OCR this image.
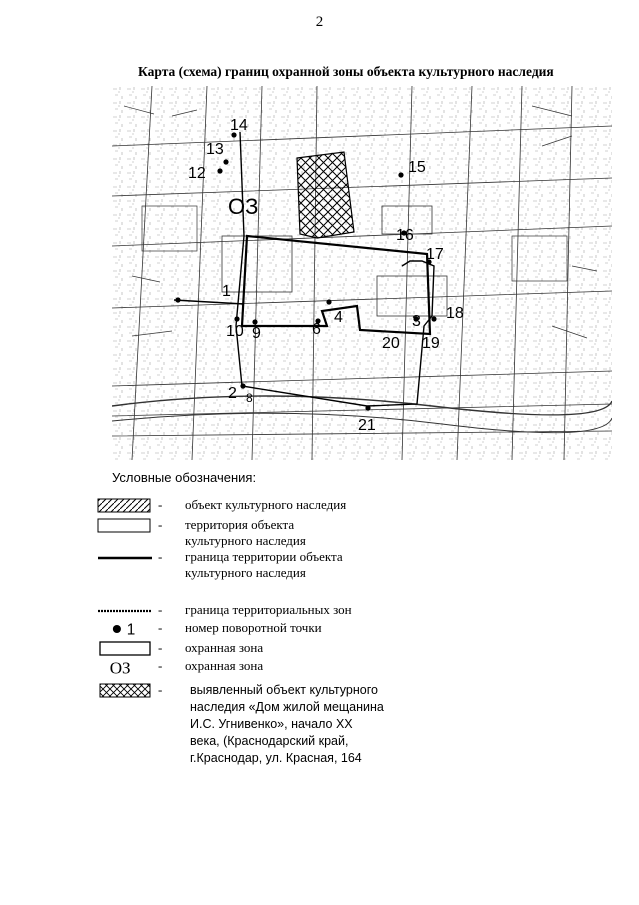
2
Карта (схема) границ охранной зоны объекта культурного наследия
14
13
12	15
16
17
1
10 9	6
4	3 18
20 19
2 8
21
ОЗ
Условные обозначения:
- объект культурного наследия
- территория объекта
культурного наследия
- граница территории объекта
культурного наследия
- граница территориальных зон
1 - номер поворотной точки
- охранная зона
ОЗ - охранная зона
- выявленный объект культурного
наследия «Дом жилой мещанина
И.С. Угнивенко», начало XX
века, (Краснодарский край,
г.Краснодар, ул. Красная, 164
